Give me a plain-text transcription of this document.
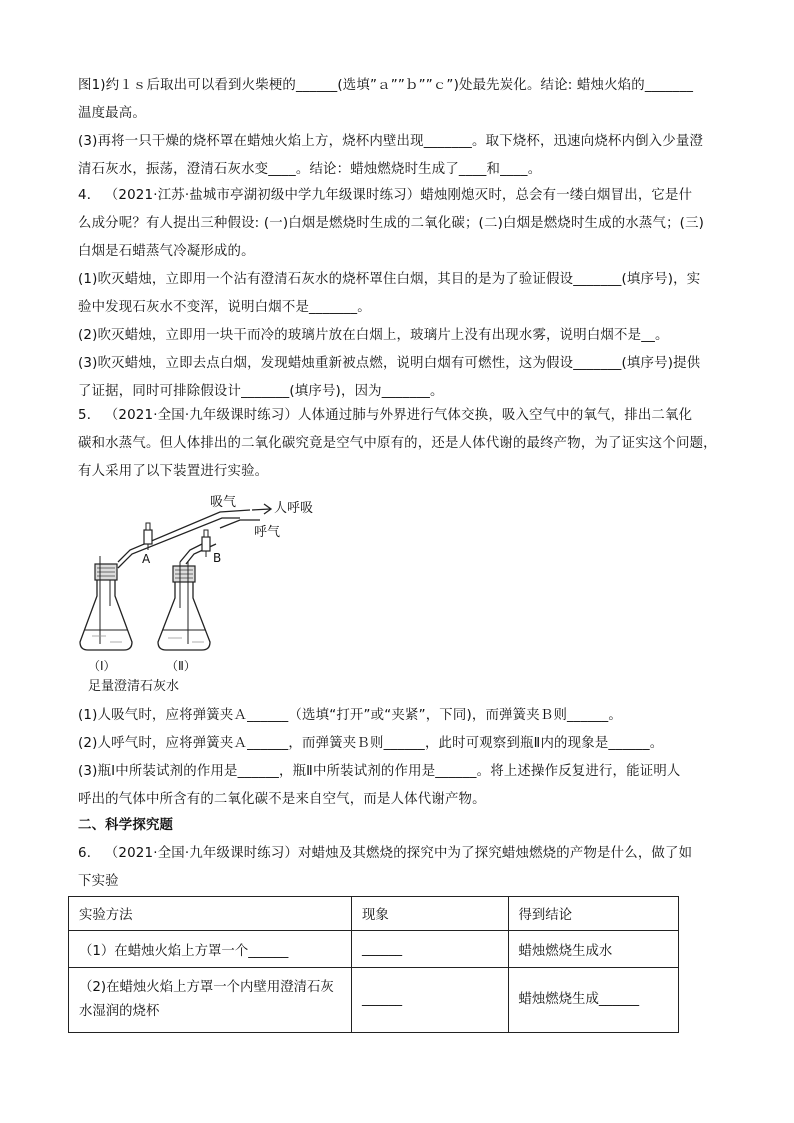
图1)约１ｓ后取出可以看到火柴梗的______(选填”ａ””ｂ””ｃ”)处最先炭化。结论: 蜡烛火焰的_______
温度最高。
(3)再将一只干燥的烧杯罩在蜡烛火焰上方，烧杯内壁出现_______。取下烧杯，迅速向烧杯内倒入少量澄
清石灰水，振荡，澄清石灰水变____。结论：蜡烛燃烧时生成了____和____。
4． （2021·江苏·盐城市亭湖初级中学九年级课时练习）蜡烛刚熄灭时，总会有一缕白烟冒出，它是什
么成分呢？有人提出三种假设: (一)白烟是燃烧时生成的二氧化碳；(二)白烟是燃烧时生成的水蒸气；(三)
白烟是石蜡蒸气冷凝形成的。
(1)吹灭蜡烛，立即用一个沾有澄清石灰水的烧杯罩住白烟，其目的是为了验证假设_______(填序号)，实
验中发现石灰水不变浑，说明白烟不是_______。
(2)吹灭蜡烛，立即用一块干而冷的玻璃片放在白烟上，玻璃片上没有出现水雾，说明白烟不是__。
(3)吹灭蜡烛，立即去点白烟，发现蜡烛重新被点燃，说明白烟有可燃性，这为假设_______(填序号)提供
了证据，同时可排除假设计_______(填序号)，因为_______。
5． （2021·全国·九年级课时练习）人体通过肺与外界进行气体交换，吸入空气中的氧气，排出二氧化
碳和水蒸气。但人体排出的二氧化碳究竟是空气中原有的，还是人体代谢的最终产物，为了证实这个问题，
有人采用了以下装置进行实验。
吸气	人呼吸
呼气
A	B
（Ⅰ）	（Ⅱ）
足量澄清石灰水
(1)人吸气时，应将弹簧夹Ａ______（选填“打开”或“夹紧”，下同)，而弹簧夹Ｂ则______。
(2)人呼气时，应将弹簧夹Ａ______，而弹簧夹Ｂ则______，此时可观察到瓶Ⅱ内的现象是______。
(3)瓶Ⅰ中所装试剂的作用是______，瓶Ⅱ中所装试剂的作用是______。将上述操作反复进行，能证明人
呼出的气体中所含有的二氧化碳不是来自空气，而是人体代谢产物。
二、科学探究题
6． （2021·全国·九年级课时练习）对蜡烛及其燃烧的探究中为了探究蜡烛燃烧的产物是什么，做了如
下实验
实验方法	现象	得到结论
（1）在蜡烛火焰上方罩一个______	______	蜡烛燃烧生成水

（2)在蜡烛火焰上方罩一个内壁用澄清石灰
水湿润的烧杯	______	蜡烛燃烧生成______
